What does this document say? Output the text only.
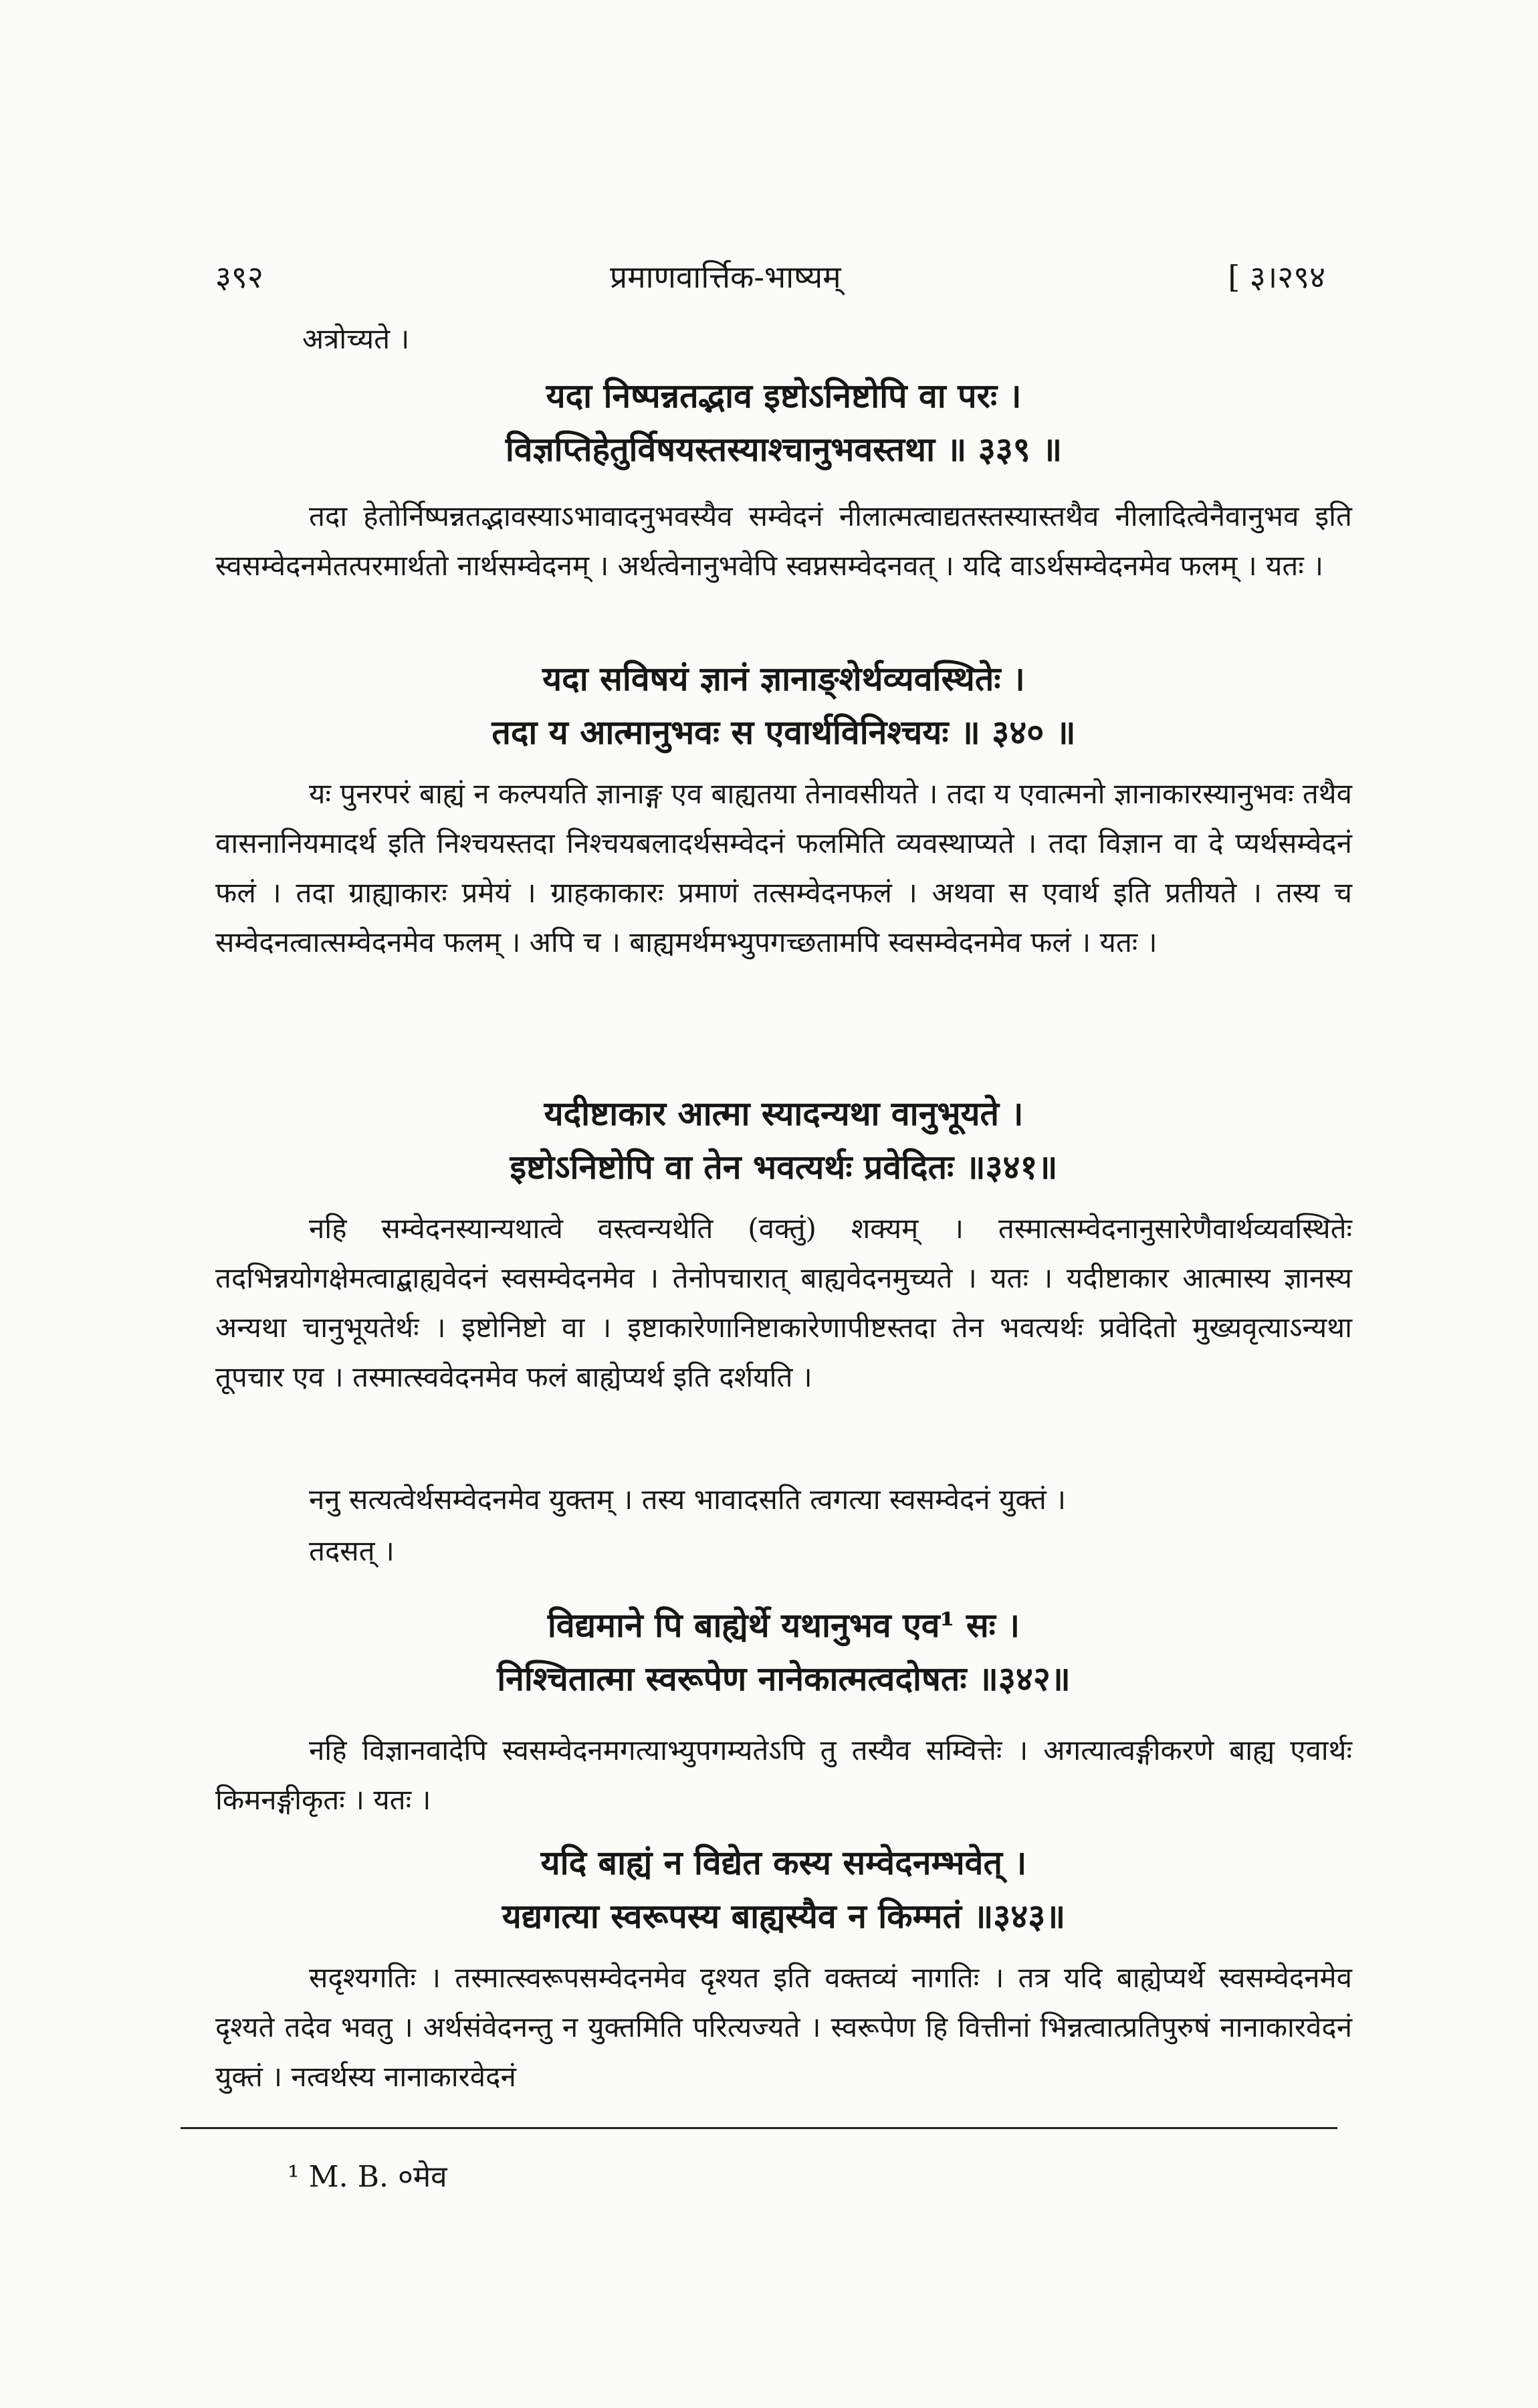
३९२	प्रमाणवार्त्तिक-भाष्यम्	[ ३।२९४
अत्रोच्यते ।
यदा निष्पन्नतद्भाव इष्टोऽनिष्टोपि वा परः ।
विज्ञप्तिहेतुर्विषयस्तस्याश्चानुभवस्तथा ॥ ३३९ ॥
तदा हेतोर्निष्पन्नतद्भावस्याऽभावादनुभवस्यैव सम्वेदनं नीलात्मत्वाद्यतस्तस्यास्तथैव नीलादित्वेनैवानुभव इति स्वसम्वेदनमेतत्परमार्थतो नार्थसम्वेदनम् । अर्थत्वेनानुभवेपि स्वप्नसम्वेदनवत् । यदि वाऽर्थसम्वेदनमेव फलम् । यतः ।
यदा सविषयं ज्ञानं ज्ञानाङ्शेर्थव्यवस्थितेः ।
तदा य आत्मानुभवः स एवार्थविनिश्चयः ॥ ३४० ॥
यः पुनरपरं बाह्यं न कल्पयति ज्ञानाङ्ग एव बाह्यतया तेनावसीयते । तदा य एवात्मनो ज्ञानाकारस्यानुभवः तथैव वासनानियमादर्थ इति निश्चयस्तदा निश्चयबलादर्थसम्वेदनं फलमिति व्यवस्थाप्यते । तदा विज्ञान वा दे प्यर्थसम्वेदनं फलं । तदा ग्राह्याकारः प्रमेयं । ग्राहकाकारः प्रमाणं तत्सम्वेदनफलं । अथवा स एवार्थ इति प्रतीयते । तस्य च सम्वेदनत्वात्सम्वेदनमेव फलम् । अपि च । बाह्यमर्थमभ्युपगच्छतामपि स्वसम्वेदनमेव फलं । यतः ।
यदीष्टाकार आत्मा स्यादन्यथा वानुभूयते ।
इष्टोऽनिष्टोपि वा तेन भवत्यर्थः प्रवेदितः ॥३४१॥
नहि सम्वेदनस्यान्यथात्वे वस्त्वन्यथेति (वक्तुं) शक्यम् । तस्मात्सम्वेदनानुसारेणैवार्थव्यवस्थितेः तदभिन्नयोगक्षेमत्वाद्बाह्यवेदनं स्वसम्वेदनमेव । तेनोपचारात् बाह्यवेदनमुच्यते । यतः । यदीष्टाकार आत्मास्य ज्ञानस्य अन्यथा चानुभूयतेर्थः । इष्टोनिष्टो वा । इष्टाकारेणानिष्टाकारेणापीष्टस्तदा तेन भवत्यर्थः प्रवेदितो मुख्यवृत्याऽन्यथा तूपचार एव । तस्मात्स्ववेदनमेव फलं बाह्येप्यर्थ इति दर्शयति ।
ननु सत्यत्वेर्थसम्वेदनमेव युक्तम् । तस्य भावादसति त्वगत्या स्वसम्वेदनं युक्तं ।
तदसत् ।
विद्यमाने पि बाह्येर्थे यथानुभव एव¹ सः ।
निश्चितात्मा स्वरूपेण नानेकात्मत्वदोषतः ॥३४२॥
नहि विज्ञानवादेपि स्वसम्वेदनमगत्याभ्युपगम्यतेऽपि तु तस्यैव सम्वित्तेः । अगत्यात्वङ्गीकरणे बाह्य एवार्थः किमनङ्गीकृतः । यतः ।
यदि बाह्यं न विद्येत कस्य सम्वेदनम्भवेत् ।
यद्यगत्या स्वरूपस्य बाह्यस्यैव न किम्मतं ॥३४३॥
सदृश्यगतिः । तस्मात्स्वरूपसम्वेदनमेव दृश्यत इति वक्तव्यं नागतिः । तत्र यदि बाह्येप्यर्थे स्वसम्वेदनमेव दृश्यते तदेव भवतु । अर्थसंवेदनन्तु न युक्तमिति परित्यज्यते । स्वरूपेण हि वित्तीनां भिन्नत्वात्प्रतिपुरुषं नानाकारवेदनं युक्तं । नत्वर्थस्य नानाकारवेदनं
¹ M. B. ०मेव
